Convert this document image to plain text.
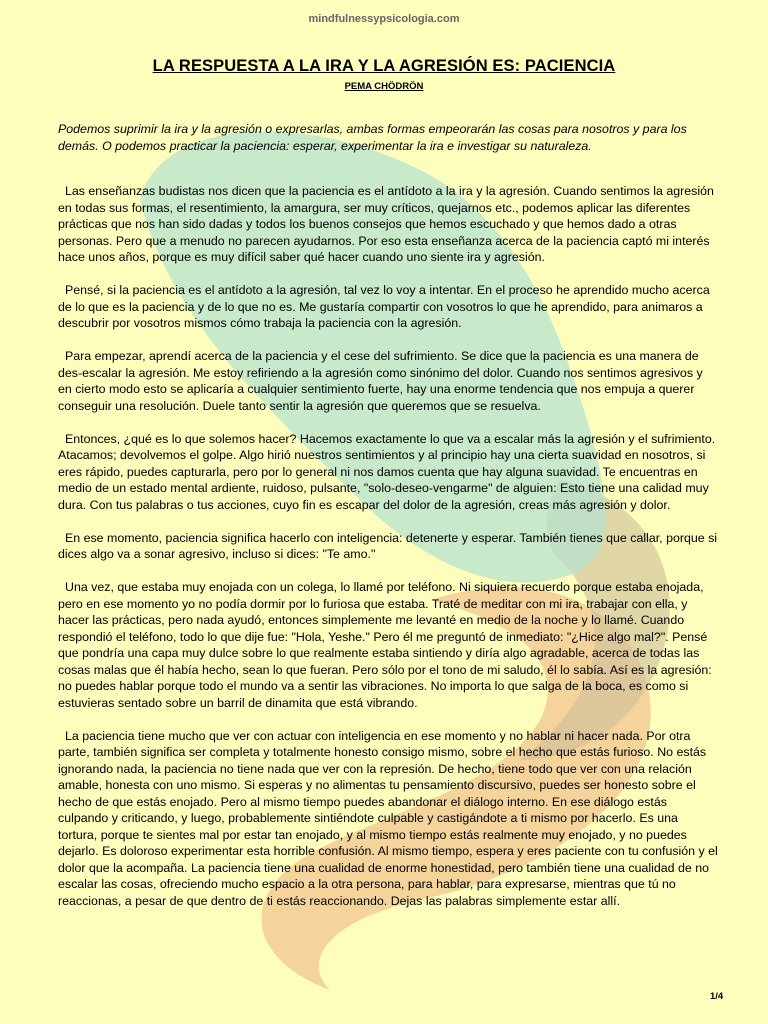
mindfulnessypsicologia.com
LA RESPUESTA A LA IRA Y LA AGRESIÓN ES: PACIENCIA
PEMA CHÖDRÖN
Podemos suprimir la ira y la agresión o expresarlas, ambas formas empeorarán las cosas para nosotros y para los demás. O podemos practicar la paciencia: esperar, experimentar la ira e investigar su naturaleza.

Las enseñanzas budistas nos dicen que la paciencia es el antídoto a la ira y la agresión. Cuando sentimos la agresión en todas sus formas, el resentimiento, la amargura, ser muy críticos, quejarnos etc., podemos aplicar las diferentes prácticas que nos han sido dadas y todos los buenos consejos que hemos escuchado y que hemos dado a otras personas. Pero que a menudo no parecen ayudarnos. Por eso esta enseñanza acerca de la paciencia captó mi interés hace unos años, porque es muy difícil saber qué hacer cuando uno siente ira y agresión.

Pensé, si la paciencia es el antídoto a la agresión, tal vez lo voy a intentar. En el proceso he aprendido mucho acerca de lo que es la paciencia y de lo que no es. Me gustaría compartir con vosotros lo que he aprendido, para animaros a descubrir por vosotros mismos cómo trabaja la paciencia con la agresión.

Para empezar, aprendí acerca de la paciencia y el cese del sufrimiento. Se dice que la paciencia es una manera de des-escalar la agresión. Me estoy refiriendo a la agresión como sinónimo del dolor. Cuando nos sentimos agresivos y en cierto modo esto se aplicaría a cualquier sentimiento fuerte, hay una enorme tendencia que nos empuja a querer conseguir una resolución. Duele tanto sentir la agresión que queremos que se resuelva.

Entonces, ¿qué es lo que solemos hacer? Hacemos exactamente lo que va a escalar más la agresión y el sufrimiento. Atacamos; devolvemos el golpe. Algo hirió nuestros sentimientos y al principio hay una cierta suavidad en nosotros, si eres rápido, puedes capturarla, pero por lo general ni nos damos cuenta que hay alguna suavidad. Te encuentras en medio de un estado mental ardiente, ruidoso, pulsante, "solo-deseo-vengarme" de alguien: Esto tiene una calidad muy dura. Con tus palabras o tus acciones, cuyo fin es escapar del dolor de la agresión, creas más agresión y dolor.

En ese momento, paciencia significa hacerlo con inteligencia: detenerte y esperar. También tienes que callar, porque si dices algo va a sonar agresivo, incluso si dices: "Te amo."

Una vez, que estaba muy enojada con un colega, lo llamé por teléfono. Ni siquiera recuerdo porque estaba enojada, pero en ese momento yo no podía dormir por lo furiosa que estaba. Traté de meditar con mi ira, trabajar con ella, y hacer las prácticas, pero nada ayudó, entonces simplemente me levanté en medio de la noche y lo llamé. Cuando respondió el teléfono, todo lo que dije fue: "Hola, Yeshe." Pero él me preguntó de inmediato: "¿Hice algo mal?". Pensé que pondría una capa muy dulce sobre lo que realmente estaba sintiendo y diría algo agradable, acerca de todas las cosas malas que él había hecho, sean lo que fueran. Pero sólo por el tono de mi saludo, él lo sabía. Así es la agresión: no puedes hablar porque todo el mundo va a sentir las vibraciones. No importa lo que salga de la boca, es como si estuvieras sentado sobre un barril de dinamita que está vibrando.

La paciencia tiene mucho que ver con actuar con inteligencia en ese momento y no hablar ni hacer nada. Por otra parte, también significa ser completa y totalmente honesto consigo mismo, sobre el hecho que estás furioso. No estás ignorando nada, la paciencia no tiene nada que ver con la represión. De hecho, tiene todo que ver con una relación amable, honesta con uno mismo. Si esperas y no alimentas tu pensamiento discursivo, puedes ser honesto sobre el hecho de que estás enojado. Pero al mismo tiempo puedes abandonar el diálogo interno. En ese diálogo estás culpando y criticando, y luego, probablemente sintiéndote culpable y castigándote a ti mismo por hacerlo. Es una tortura, porque te sientes mal por estar tan enojado, y al mismo tiempo estás realmente muy enojado, y no puedes dejarlo. Es doloroso experimentar esta horrible confusión. Al mismo tiempo, espera y eres paciente con tu confusión y el dolor que la acompaña. La paciencia tiene una cualidad de enorme honestidad, pero también tiene una cualidad de no escalar las cosas, ofreciendo mucho espacio a la otra persona, para hablar, para expresarse, mientras que tú no reaccionas, a pesar de que dentro de ti estás reaccionando. Dejas las palabras simplemente estar allí.

1/4
